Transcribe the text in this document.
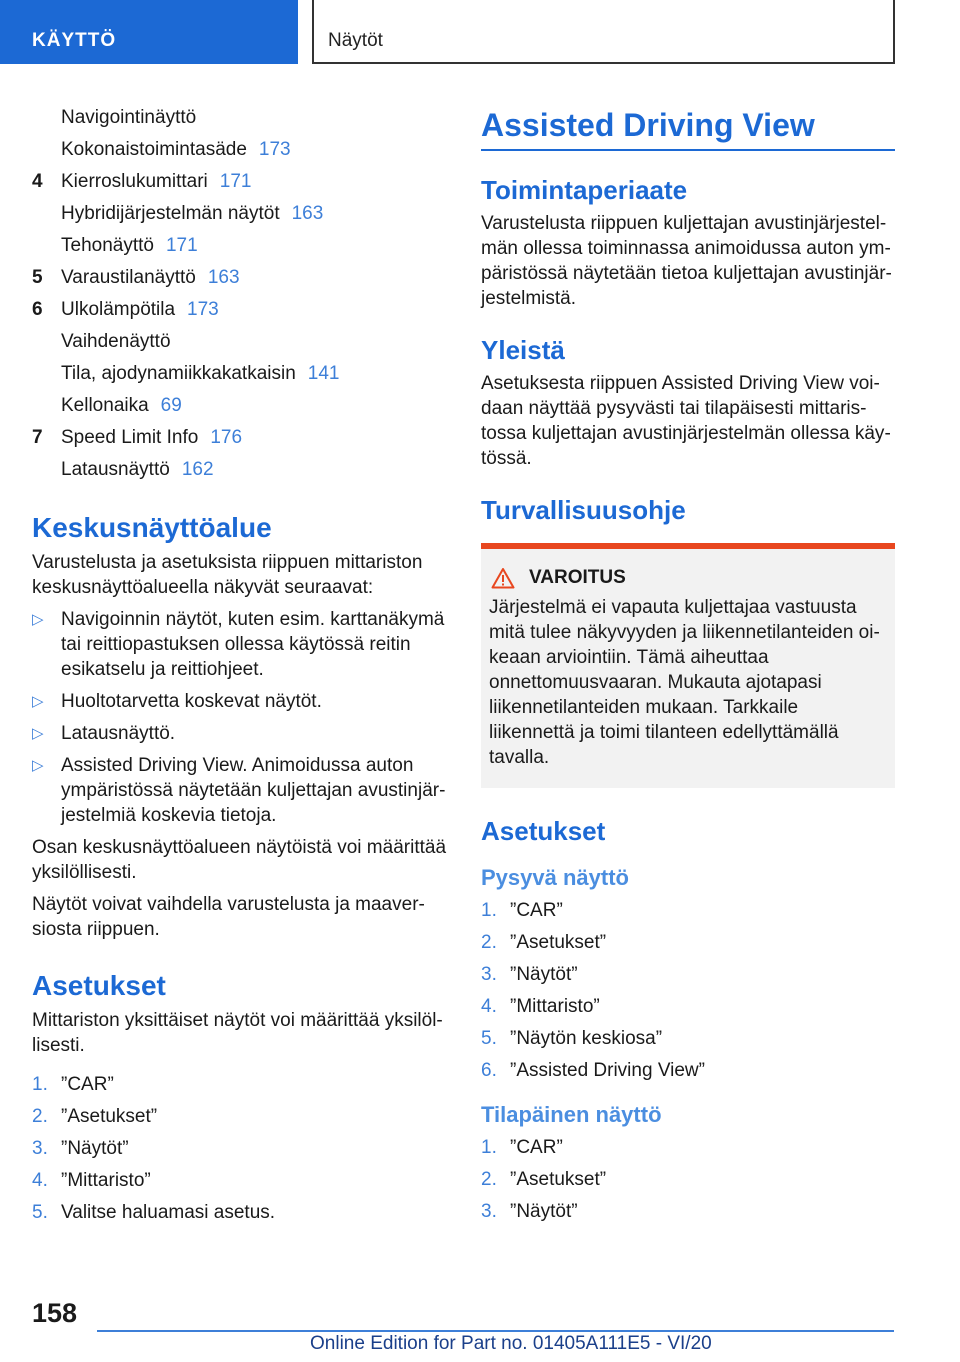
KÄYTTÖ	Näytöt
Navigointinäyttö
Kokonaistoimintasäde 173
4 Kierroslukumittari 171
Hybridijärjestelmän näytöt 163
Tehonäyttö 171
5 Varaustilanäyttö 163
6 Ulkolämpötila 173
Vaihdenäyttö
Tila, ajodynamiikkakatkaisin 141
Kellonaika 69
7 Speed Limit Info 176
Latausnäyttö 162
Keskusnäyttöalue

Varustelusta ja asetuksista riippuen mittariston keskusnäyttöalueella näkyvät seuraavat:

▷ Navigoinnin näytöt, kuten esim. karttanäkymä tai reittiopastuksen ollessa käytössä reitin esikatselu ja reittiohjeet.
▷ Huoltotarvetta koskevat näytöt.
▷ Latausnäyttö.
▷ Assisted Driving View. Animoidussa auton ympäristössä näytetään kuljettajan avustinjärjestelmiä koskevia tietoja.

Osan keskusnäyttöalueen näytöistä voi määrittää yksilöllisesti.

Näytöt voivat vaihdella varustelusta ja maaversiosta riippuen.

Asetukset

Mittariston yksittäiset näytöt voi määrittää yksilöllisesti.

1. ”CAR”
2. ”Asetukset”
3. ”Näytöt”
4. ”Mittaristo”
5. Valitse haluamasi asetus.
Assisted Driving View
Toimintaperiaate

Varustelusta riippuen kuljettajan avustinjärjestelmän ollessa toiminnassa animoidussa auton ympäristössä näytetään tietoa kuljettajan avustinjärjestelmistä.

Yleistä

Asetuksesta riippuen Assisted Driving View voidaan näyttää pysyvästi tai tilapäisesti mittaristossa kuljettajan avustinjärjestelmän ollessa käytössä.

Turvallisuusohje
VAROITUS

Järjestelmä ei vapauta kuljettajaa vastuusta mitä tulee näkyvyyden ja liikennetilanteiden oikeaan arviointiin. Tämä aiheuttaa onnettomuusvaaran. Mukauta ajotapasi liikennetilanteiden mukaan. Tarkkaile liikennettä ja toimi tilanteen edellyttämällä tavalla.

Asetukset
Pysyvä näyttö
1. ”CAR”
2. ”Asetukset”
3. ”Näytöt”
4. ”Mittaristo”
5. ”Näytön keskiosa”
6. ”Assisted Driving View”
Tilapäinen näyttö
1. ”CAR”
2. ”Asetukset”
3. ”Näytöt”
158
Online Edition for Part no. 01405A111E5 - VI/20
